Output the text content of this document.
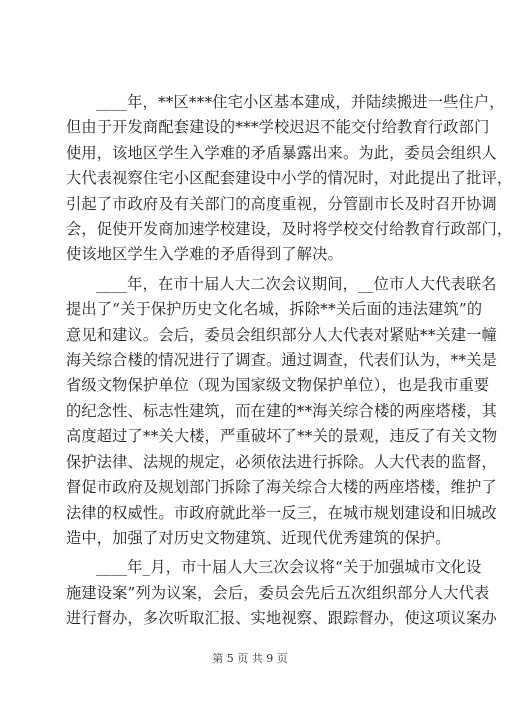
____年，**区***住宅小区基本建成，并陆续搬进一些住户，
但由于开发商配套建设的***学校迟迟不能交付给教育行政部门
使用，该地区学生入学难的矛盾暴露出来。为此，委员会组织人
大代表视察住宅小区配套建设中小学的情况时，对此提出了批评，
引起了市政府及有关部门的高度重视，分管副市长及时召开协调
会，促使开发商加速学校建设，及时将学校交付给教育行政部门，
使该地区学生入学难的矛盾得到了解决。
____年，在市十届人大二次会议期间，__位市人大代表联名
提出了“关于保护历史文化名城，拆除**关后面的违法建筑”的
意见和建议。会后，委员会组织部分人大代表对紧贴**关建一幢
海关综合楼的情况进行了调查。通过调查，代表们认为，**关是
省级文物保护单位（现为国家级文物保护单位），也是我市重要
的纪念性、标志性建筑，而在建的**海关综合楼的两座塔楼，其
高度超过了**关大楼，严重破坏了**关的景观，违反了有关文物
保护法律、法规的规定，必须依法进行拆除。人大代表的监督，
督促市政府及规划部门拆除了海关综合大楼的两座塔楼，维护了
法律的权威性。市政府就此举一反三，在城市规划建设和旧城改
造中，加强了对历史文物建筑、近现代优秀建筑的保护。
____年_月，市十届人大三次会议将“关于加强城市文化设
施建设案”列为议案，会后，委员会先后五次组织部分人大代表
进行督办，多次听取汇报、实地视察、跟踪督办，使这项议案办
第 5 页 共 9 页
